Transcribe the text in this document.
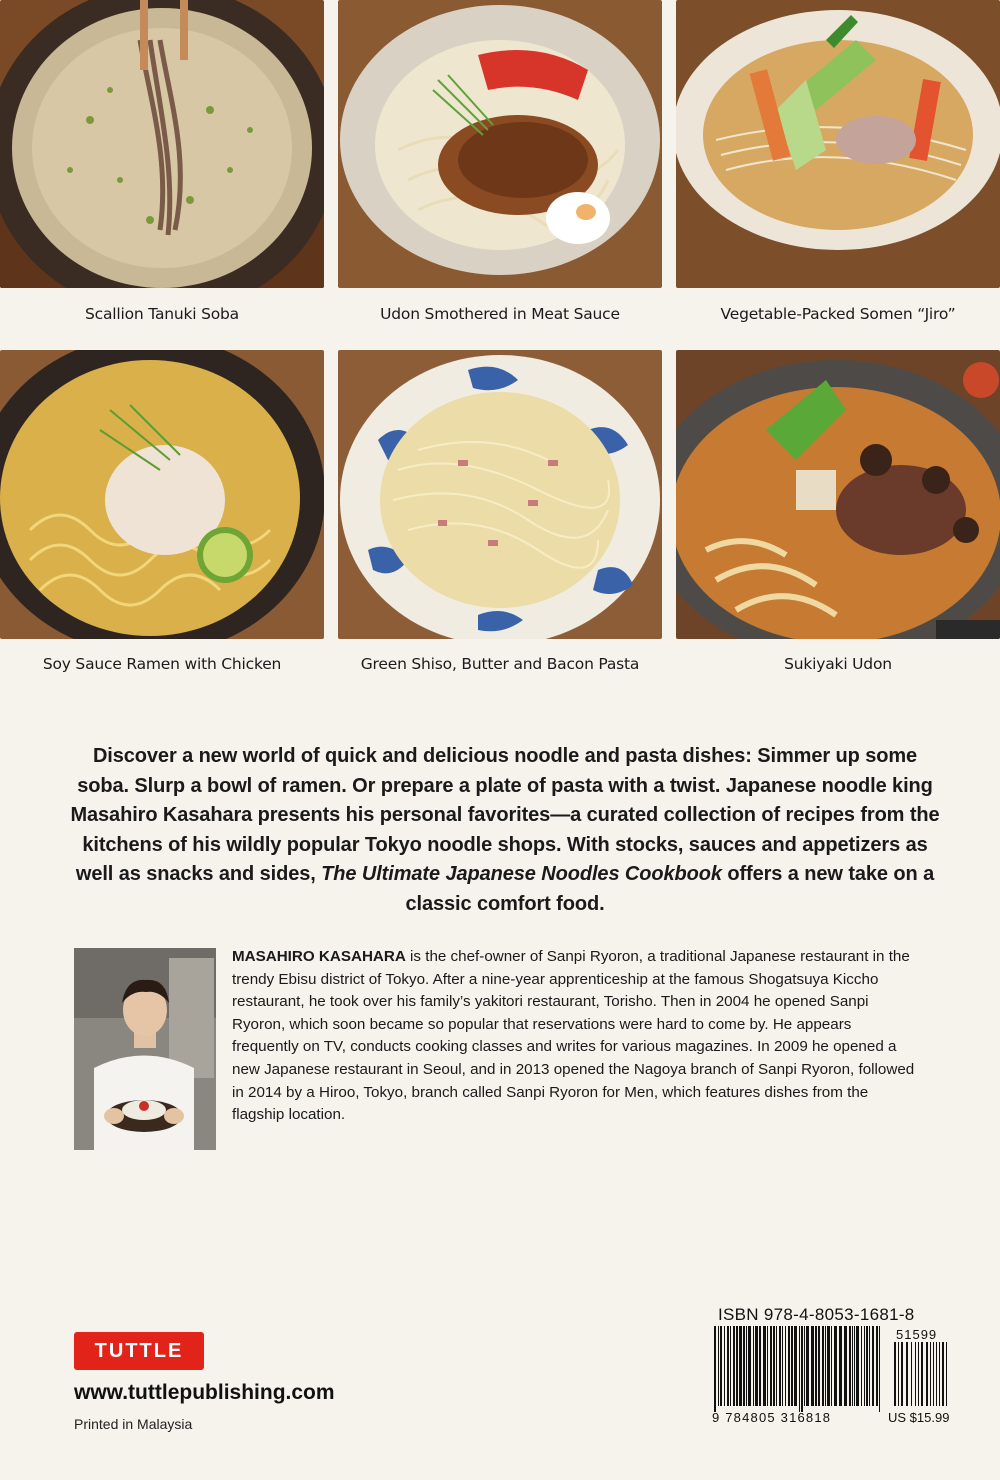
Scallion Tanuki Soba	Udon Smothered in Meat Sauce	Vegetable-Packed Somen “Jiro”
Soy Sauce Ramen with Chicken	Green Shiso, Butter and Bacon Pasta	Sukiyaki Udon
Discover a new world of quick and delicious noodle and pasta dishes: Simmer up some soba. Slurp a bowl of ramen. Or prepare a plate of pasta with a twist. Japanese noodle king Masahiro Kasahara presents his personal favorites—a curated collection of recipes from the kitchens of his wildly popular Tokyo noodle shops. With stocks, sauces and appetizers as well as snacks and sides, The Ultimate Japanese Noodles Cookbook offers a new take on a classic comfort food.
MASAHIRO KASAHARA is the chef-owner of Sanpi Ryoron, a traditional Japanese restaurant in the trendy Ebisu district of Tokyo. After a nine-year apprenticeship at the famous Shogatsuya Kiccho restaurant, he took over his family’s yakitori restaurant, Torisho. Then in 2004 he opened Sanpi Ryoron, which soon became so popular that reservations were hard to come by. He appears frequently on TV, conducts cooking classes and writes for various magazines. In 2009 he opened a new Japanese restaurant in Seoul, and in 2013 opened the Nagoya branch of Sanpi Ryoron, followed in 2014 by a Hiroo, Tokyo, branch called Sanpi Ryoron for Men, which features dishes from the flagship location.
TUTTLE
www.tuttlepublishing.com
Printed in Malaysia
ISBN 978-4-8053-1681-8
51599
9 784805 316818	US $15.99
